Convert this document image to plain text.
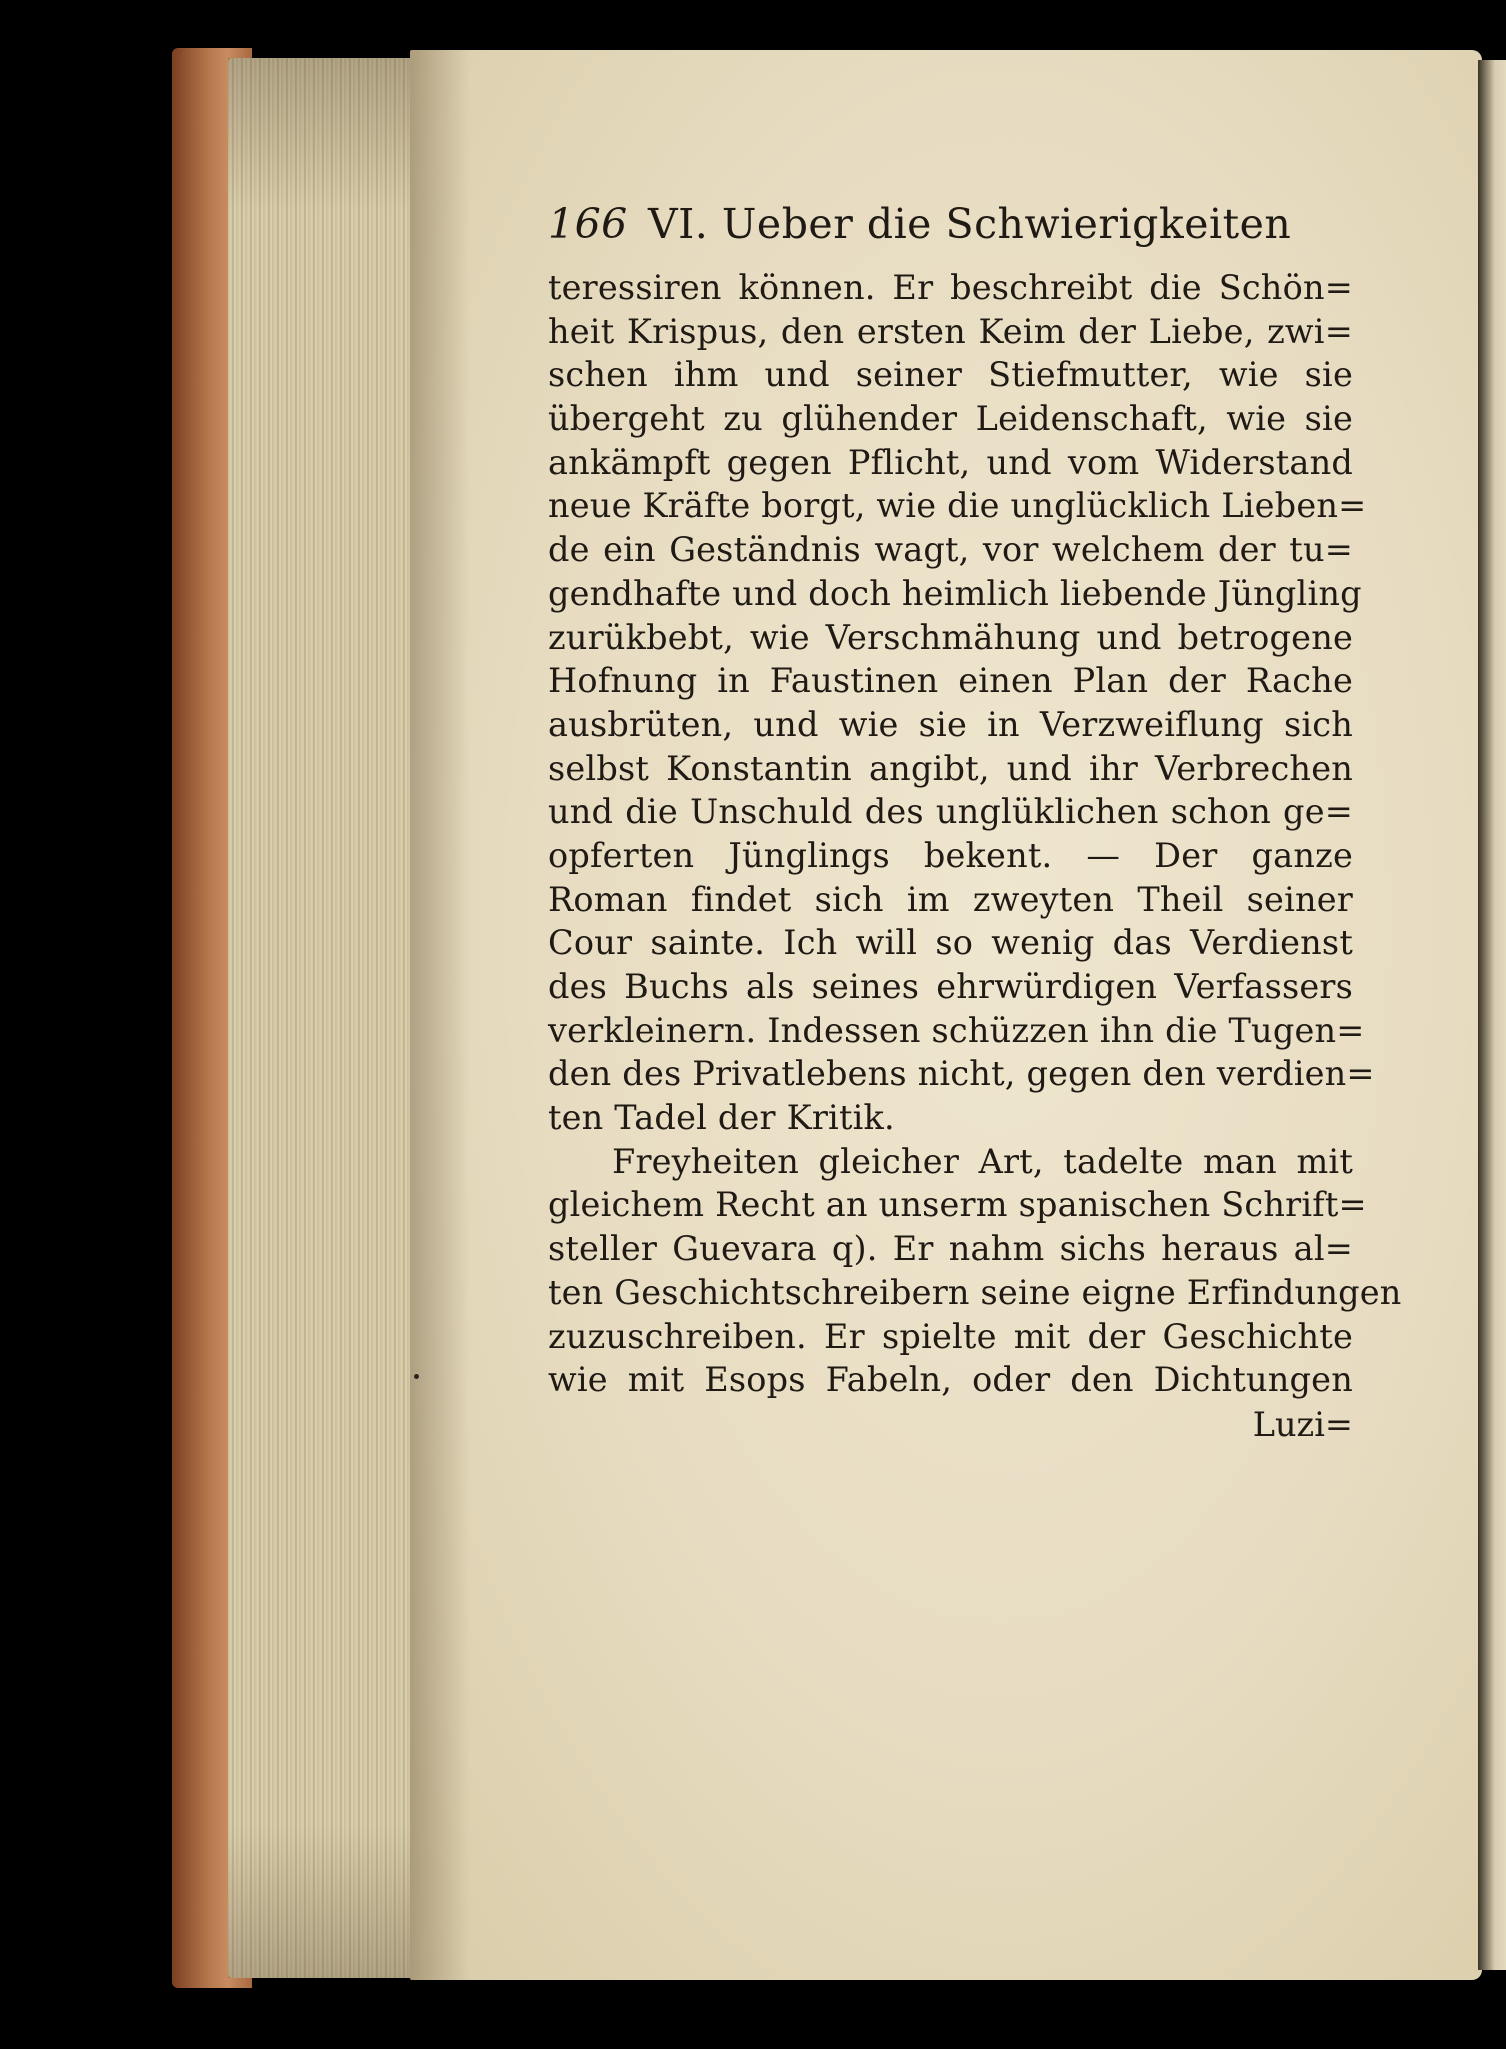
166 VI. Ueber die Schwierigkeiten
teressiren können. Er beschreibt die Schön=
heit Krispus, den ersten Keim der Liebe, zwi=
schen ihm und seiner Stiefmutter, wie sie
übergeht zu glühender Leidenschaft, wie sie
ankämpft gegen Pflicht, und vom Widerstand
neue Kräfte borgt, wie die unglücklich Lieben=
de ein Geständnis wagt, vor welchem der tu=
gendhafte und doch heimlich liebende Jüngling
zurükbebt, wie Verschmähung und betrogene
Hofnung in Faustinen einen Plan der Rache
ausbrüten, und wie sie in Verzweiflung sich
selbst Konstantin angibt, und ihr Verbrechen
und die Unschuld des unglüklichen schon ge=
opferten Jünglings bekent. — Der ganze
Roman findet sich im zweyten Theil seiner
Cour sainte. Ich will so wenig das Verdienst
des Buchs als seines ehrwürdigen Verfassers
verkleinern. Indessen schüzzen ihn die Tugen=
den des Privatlebens nicht, gegen den verdien=
ten Tadel der Kritik.
Freyheiten gleicher Art, tadelte man mit
gleichem Recht an unserm spanischen Schrift=
steller Guevara q). Er nahm sichs heraus al=
ten Geschichtschreibern seine eigne Erfindungen
zuzuschreiben. Er spielte mit der Geschichte
wie mit Esops Fabeln, oder den Dichtungen
Luzi=
